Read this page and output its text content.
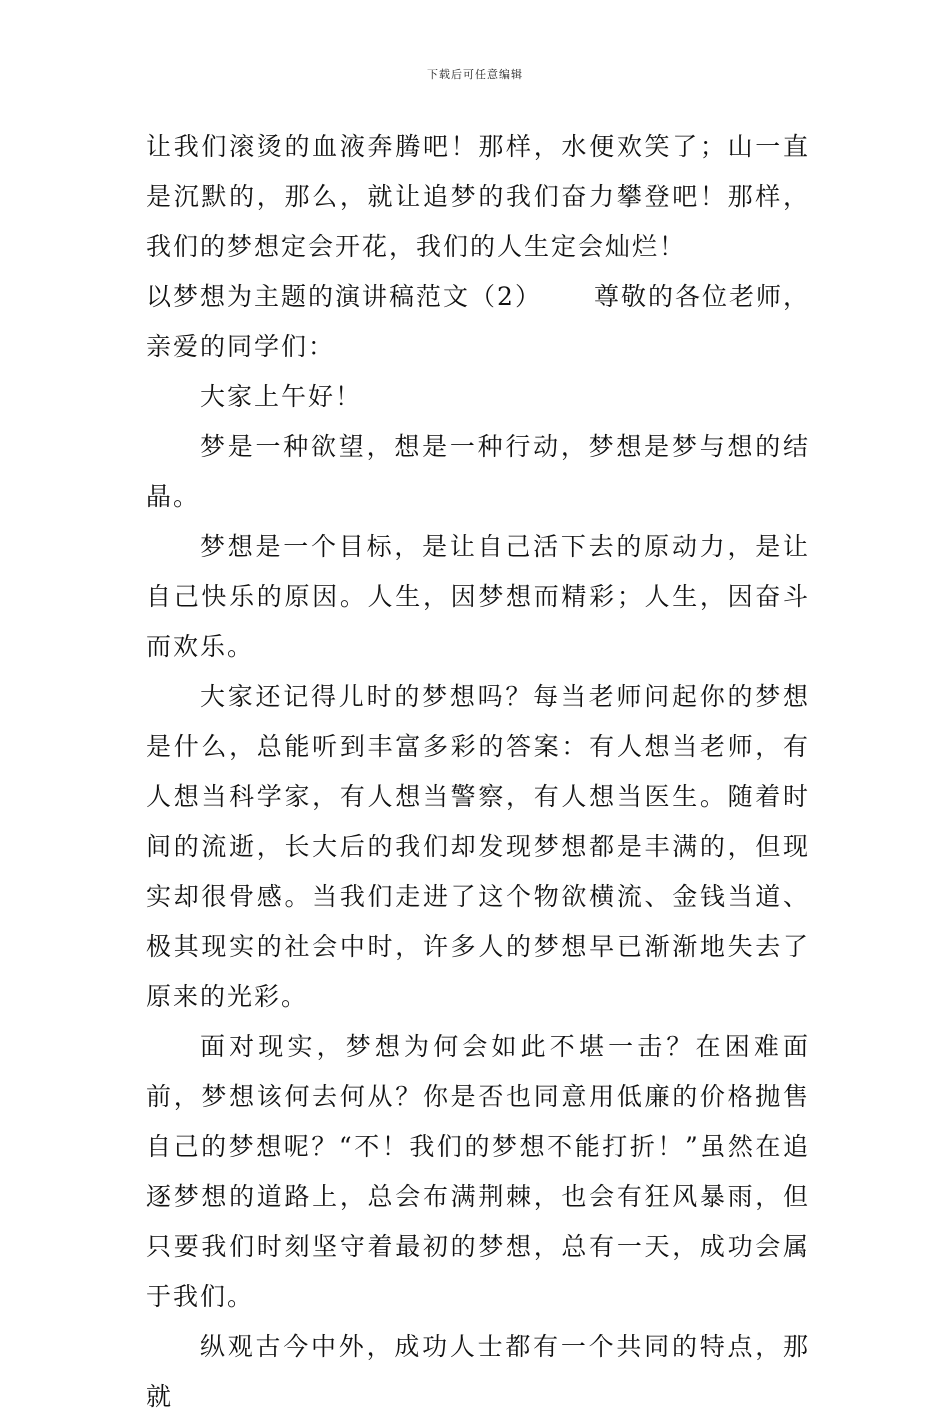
下载后可任意编辑

让我们滚烫的血液奔腾吧！那样，水便欢笑了；山一直是沉默的，那么，就让追梦的我们奋力攀登吧！那样，我们的梦想定会开花，我们的人生定会灿烂！

以梦想为主题的演讲稿范文（2） 尊敬的各位老师，亲爱的同学们：

大家上午好！

梦是一种欲望，想是一种行动，梦想是梦与想的结晶。

梦想是一个目标，是让自己活下去的原动力，是让自己快乐的原因。人生，因梦想而精彩；人生，因奋斗而欢乐。

大家还记得儿时的梦想吗？每当老师问起你的梦想是什么，总能听到丰富多彩的答案：有人想当老师，有人想当科学家，有人想当警察，有人想当医生。随着时间的流逝，长大后的我们却发现梦想都是丰满的，但现实却很骨感。当我们走进了这个物欲横流、金钱当道、极其现实的社会中时，许多人的梦想早已渐渐地失去了原来的光彩。

面对现实，梦想为何会如此不堪一击？在困难面前，梦想该何去何从？你是否也同意用低廉的价格抛售自己的梦想呢？“不！我们的梦想不能打折！”虽然在追逐梦想的道路上，总会布满荆棘，也会有狂风暴雨，但只要我们时刻坚守着最初的梦想，总有一天，成功会属于我们。

纵观古今中外，成功人士都有一个共同的特点，那就
